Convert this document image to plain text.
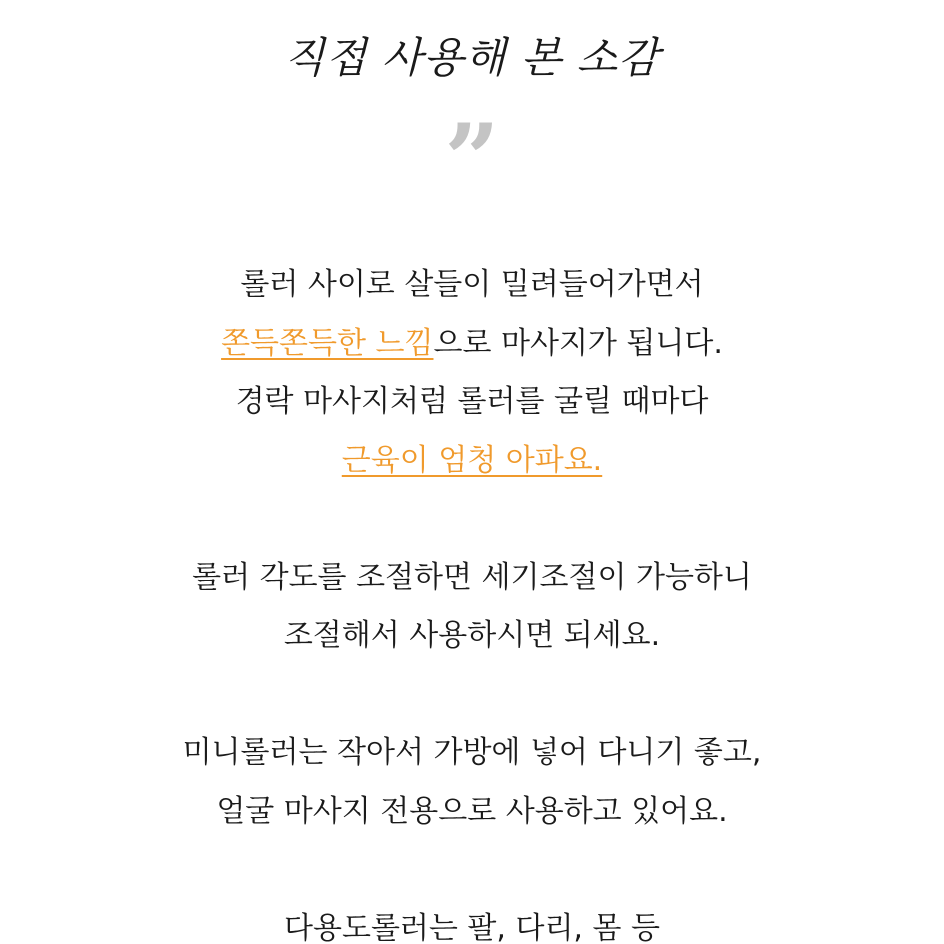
직접 사용해 본 소감
”
롤러 사이로 살들이 밀려들어가면서
쫀득쫀득한 느낌으로 마사지가 됩니다.
경락 마사지처럼 롤러를 굴릴 때마다
근육이 엄청 아파요.
롤러 각도를 조절하면 세기조절이 가능하니
조절해서 사용하시면 되세요.
미니롤러는 작아서 가방에 넣어 다니기 좋고,
얼굴 마사지 전용으로 사용하고 있어요.
다용도롤러는 팔, 다리, 몸 등
